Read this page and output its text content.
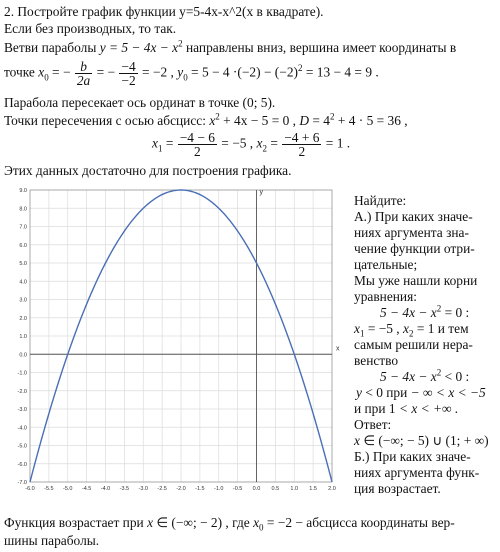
2. Постройте график функции y=5-4x-x^2(x в квадрате).
Если без производных, то так.
Ветви параболы $y = 5 - 4x - x^2$ направлены вниз, вершина имеет координаты в
точке $x_0$ = − $\frac{b}{2a}$ = − $\frac{-4}{-2} = -2$ , $y_0 = 5 - 4 \cdot(-2) - (-2)^2 = 13 - 4 = 9$ .
Парабола пересекает ось ординат в точке (0; 5).
Точки пересечения с осью абсцисс: $x^2 + 4x - 5 = 0$ , $D = 4^2 + 4 \cdot 5 = 36$ ,
$x_1 = \frac{-4 - 6}{2} = -5$ , $x_2 = \frac{-4 + 6}{2} = 1$ .
Этих данных достаточно для построения графика.
-6.0 -5.5 -5.0 -4.5 -4.0 -3.5 -3.0 -2.5 -2.0 -1.5 -1.0 -0.5 0.0 0.5 1.0 1.5 2.0
9.0
8.0
7.0
6.0
5.0
4.0
3.0
2.0
1.0
0.0
-1.0
-2.0
-3.0
-4.0
-5.0
-6.0
-7.0
x
y
Найдите:
А.) При каких значе-
ниях аргумента зна-
чение функции отри-
цательные;
Мы уже нашли корни
уравнения:
$5 - 4x - x^2 = 0$ :
$x_1 = -5$ , $x_2 = 1$ и тем
самым решили нера-
венство
$5 - 4x - x^2 < 0$ :
y < 0 при − ∞ < x < −5
и при 1 < x < +∞ .
Ответ:
x ∈ (−∞; − 5) ∪ (1; + ∞)
Б.) При каких значе-
ниях аргумента функ-
ция возрастает.
Функция возрастает при x ∈ (−∞; − 2) , где $x_0 = -2$ − абсцисса координаты вер-
шины параболы.
